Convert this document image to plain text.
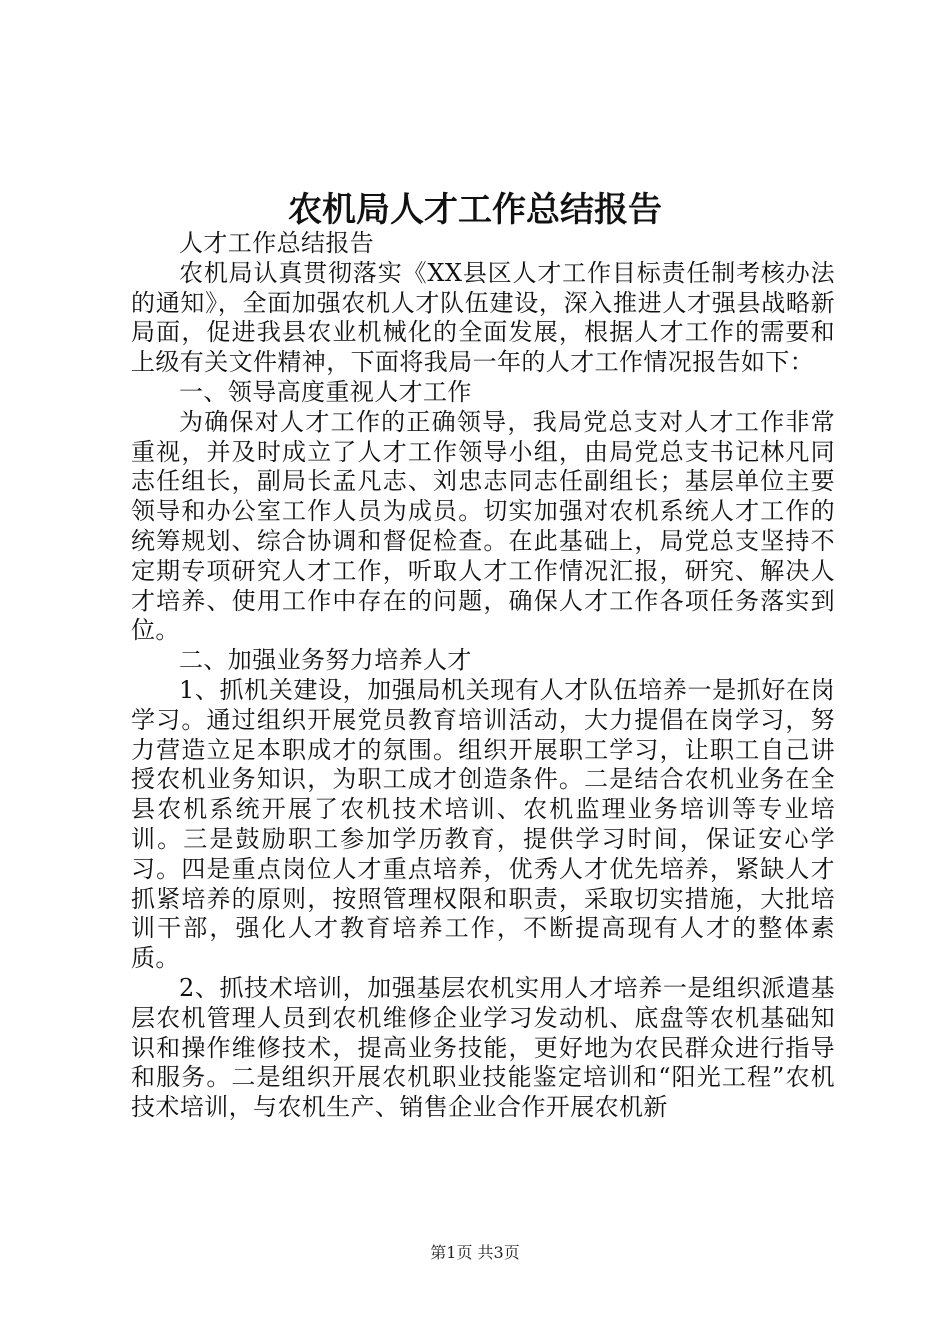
农机局人才工作总结报告

人才工作总结报告

农机局认真贯彻落实《XX县区人才工作目标责任制考核办法的通知》，全面加强农机人才队伍建设，深入推进人才强县战略新局面，促进我县农业机械化的全面发展，根据人才工作的需要和上级有关文件精神，下面将我局一年的人才工作情况报告如下：

一、领导高度重视人才工作

为确保对人才工作的正确领导，我局党总支对人才工作非常重视，并及时成立了人才工作领导小组，由局党总支书记林凡同志任组长，副局长孟凡志、刘忠志同志任副组长；基层单位主要领导和办公室工作人员为成员。切实加强对农机系统人才工作的统筹规划、综合协调和督促检查。在此基础上，局党总支坚持不定期专项研究人才工作，听取人才工作情况汇报，研究、解决人才培养、使用工作中存在的问题，确保人才工作各项任务落实到位。

二、加强业务努力培养人才

1、抓机关建设，加强局机关现有人才队伍培养一是抓好在岗学习。通过组织开展党员教育培训活动，大力提倡在岗学习，努力营造立足本职成才的氛围。组织开展职工学习，让职工自己讲授农机业务知识，为职工成才创造条件。二是结合农机业务在全县农机系统开展了农机技术培训、农机监理业务培训等专业培训。三是鼓励职工参加学历教育，提供学习时间，保证安心学习。四是重点岗位人才重点培养，优秀人才优先培养，紧缺人才抓紧培养的原则，按照管理权限和职责，采取切实措施，大批培训干部，强化人才教育培养工作，不断提高现有人才的整体素质。

2、抓技术培训，加强基层农机实用人才培养一是组织派遣基层农机管理人员到农机维修企业学习发动机、底盘等农机基础知识和操作维修技术，提高业务技能，更好地为农民群众进行指导和服务。二是组织开展农机职业技能鉴定培训和“阳光工程”农机技术培训，与农机生产、销售企业合作开展农机新

第1页 共3页
